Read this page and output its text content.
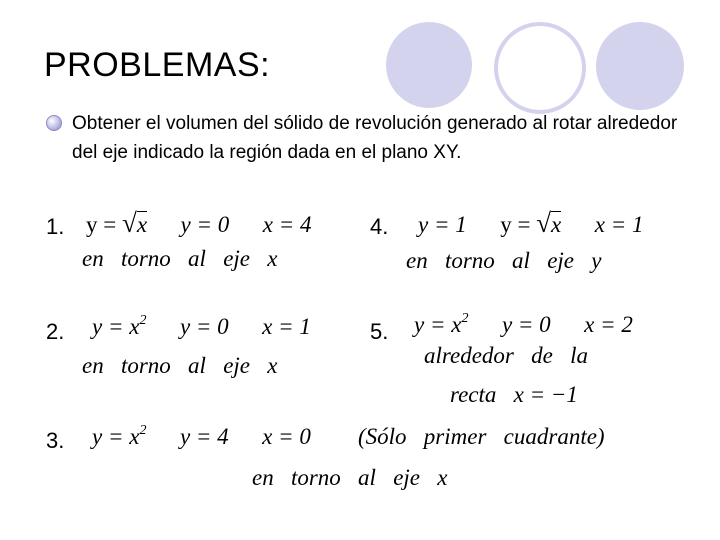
PROBLEMAS:
Obtener el volumen del sólido de revolución generado al rotar alrededor del eje indicado la región dada en el plano XY.
1. y = √x y = 0 x = 4
en   torno   al   eje   x
4. y = 1 y = √x x = 1
en   torno   al   eje   y
2. $y = x^2$ y = 0 x = 1
en   torno   al   eje   x
5. $y = x^2$ y = 0 x = 2
alrededor   de   la
recta   x = −1
3. $y = x^2$ y = 4 x = 0 (Sólo   primer   cuadrante)
en   torno   al   eje   x
